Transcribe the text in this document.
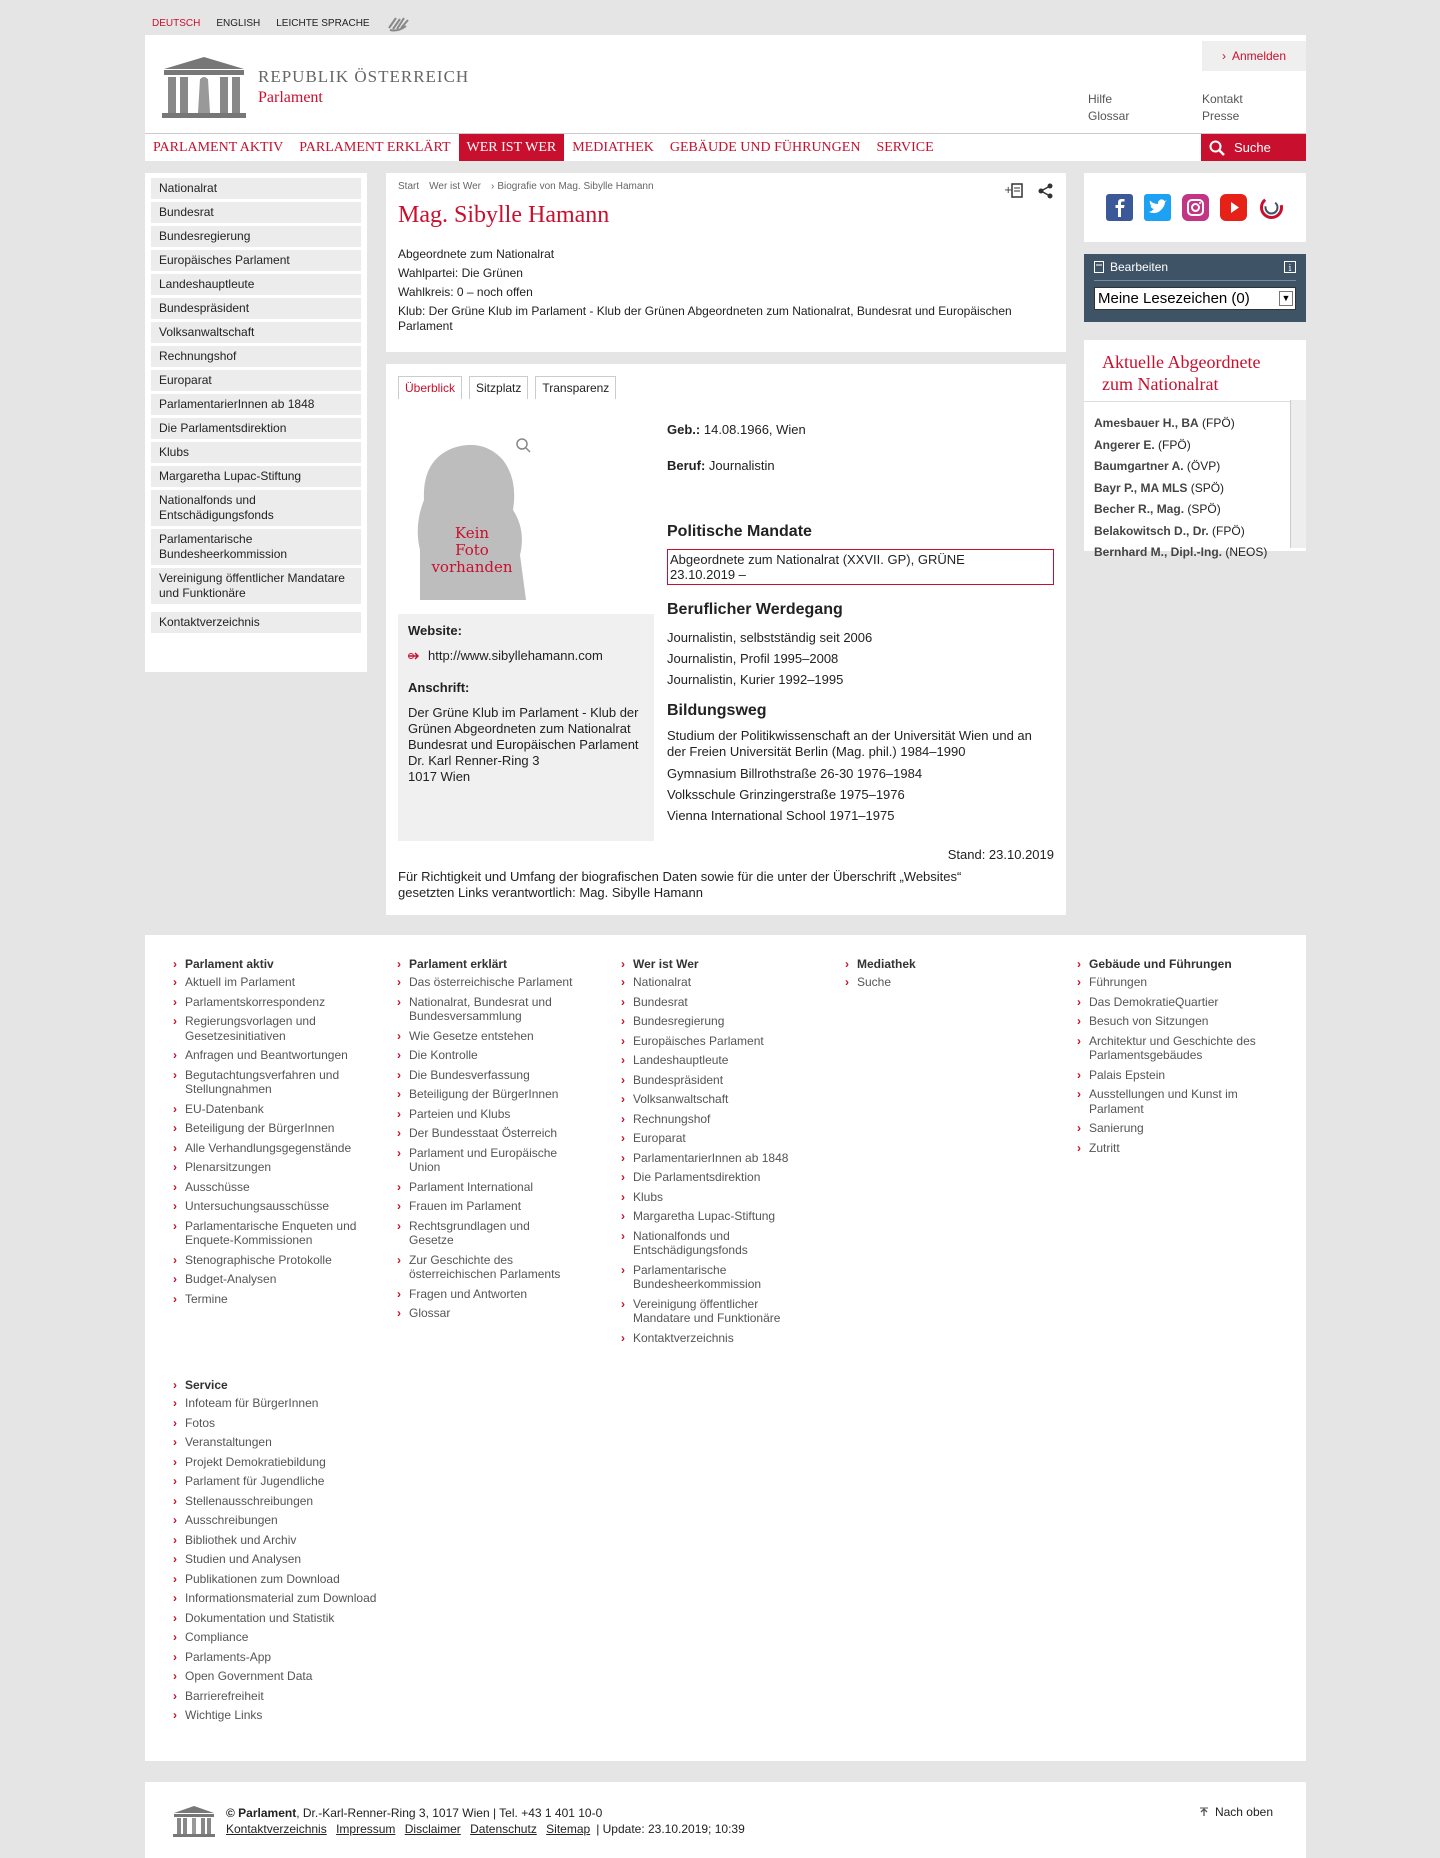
DEUTSCH ENGLISH LEICHTE SPRACHE
REPUBLIK ÖSTERREICH
Parlament
› Anmelden
Hilfe
Glossar
Kontakt
Presse
PARLAMENT AKTIV	PARLAMENT ERKLÄRT	WER IST WER	MEDIATHEK	GEBÄUDE UND FÜHRUNGEN	SERVICE	Suche
Nationalrat
Bundesrat
Bundesregierung
Europäisches Parlament
Landeshauptleute
Bundespräsident
Volksanwaltschaft
Rechnungshof
Europarat
ParlamentarierInnen ab 1848
Die Parlamentsdirektion
Klubs
Margaretha Lupac-Stiftung
Nationalfonds und Entschädigungsfonds
Parlamentarische Bundesheerkommission
Vereinigung öffentlicher Mandatare und Funktionäre
Kontaktverzeichnis
Start Wer ist Wer
›	Biografie von Mag. Sibylle Hamann	+
Mag. Sibylle Hamann
Abgeordnete zum Nationalrat
Wahlpartei: Die Grünen
Wahlkreis: 0 – noch offen
Klub: Der Grüne Klub im Parlament - Klub der Grünen Abgeordneten zum Nationalrat, Bundesrat und Europäischen Parlament
Überblick	Sitzplatz	Transparenz
Kein
Foto
vorhanden
Website:
http://www.sibyllehamann.com
Anschrift:
Der Grüne Klub im Parlament - Klub der Grünen Abgeordneten zum Nationalrat
Bundesrat und Europäischen Parlament
Dr. Karl Renner-Ring 3
1017 Wien
Geb.: 14.08.1966, Wien
Beruf: Journalistin
Politische Mandate
Abgeordnete zum Nationalrat (XXVII. GP), GRÜNE
23.10.2019 –
Beruflicher Werdegang
Journalistin, selbstständig seit 2006
Journalistin, Profil 1995–2008
Journalistin, Kurier 1992–1995
Bildungsweg
Studium der Politikwissenschaft an der Universität Wien und an der Freien Universität Berlin (Mag. phil.) 1984–1990
Gymnasium Billrothstraße 26-30 1976–1984
Volksschule Grinzingerstraße 1975–1976
Vienna International School 1971–1975
Stand: 23.10.2019
Für Richtigkeit und Umfang der biografischen Daten sowie für die unter der Überschrift „Websites“ gesetzten Links verantwortlich: Mag. Sibylle Hamann
Bearbeiten	i
Meine Lesezeichen (0)	▼
Aktuelle Abgeordnete zum Nationalrat
Amesbauer H., BA (FPÖ)
Angerer E. (FPÖ)
Baumgartner A. (ÖVP)
Bayr P., MA MLS (SPÖ)
Becher R., Mag. (SPÖ)
Belakowitsch D., Dr. (FPÖ)
Bernhard M., Dipl.-Ing. (NEOS)
› Parlament aktiv
› Aktuell im Parlament
› Parlamentskorrespondenz
› Regierungsvorlagen und Gesetzesinitiativen
› Anfragen und Beantwortungen
› Begutachtungsverfahren und Stellungnahmen
› EU-Datenbank
› Beteiligung der BürgerInnen
› Alle Verhandlungsgegenstände
› Plenarsitzungen
› Ausschüsse
› Untersuchungsausschüsse
› Parlamentarische Enqueten und Enquete-Kommissionen
› Stenographische Protokolle
› Budget-Analysen
› Termine
› Parlament erklärt
› Das österreichische Parlament
› Nationalrat, Bundesrat und Bundesversammlung
› Wie Gesetze entstehen
› Die Kontrolle
› Die Bundesverfassung
› Beteiligung der BürgerInnen
› Parteien und Klubs
› Der Bundesstaat Österreich
› Parlament und Europäische Union
› Parlament International
› Frauen im Parlament
› Rechtsgrundlagen und Gesetze
› Zur Geschichte des österreichischen Parlaments
› Fragen und Antworten
› Glossar
› Wer ist Wer
› Nationalrat
› Bundesrat
› Bundesregierung
› Europäisches Parlament
› Landeshauptleute
› Bundespräsident
› Volksanwaltschaft
› Rechnungshof
› Europarat
› ParlamentarierInnen ab 1848
› Die Parlamentsdirektion
› Klubs
› Margaretha Lupac-Stiftung
› Nationalfonds und Entschädigungsfonds
› Parlamentarische Bundesheerkommission
› Vereinigung öffentlicher Mandatare und Funktionäre
› Kontaktverzeichnis
› Mediathek
› Suche
› Gebäude und Führungen
› Führungen
› Das DemokratieQuartier
› Besuch von Sitzungen
› Architektur und Geschichte des Parlamentsgebäudes
› Palais Epstein
› Ausstellungen und Kunst im Parlament
› Sanierung
› Zutritt
› Service
› Infoteam für BürgerInnen
› Fotos
› Veranstaltungen
› Projekt Demokratiebildung
› Parlament für Jugendliche
› Stellenausschreibungen
› Ausschreibungen
› Bibliothek und Archiv
› Studien und Analysen
› Publikationen zum Download
› Informationsmaterial zum Download
› Dokumentation und Statistik
› Compliance
› Parlaments-App
› Open Government Data
› Barrierefreiheit
› Wichtige Links
© Parlament, Dr.-Karl-Renner-Ring 3, 1017 Wien | Tel. +43 1 401 10-0
Kontaktverzeichnis Impressum Disclaimer Datenschutz Sitemap | Update: 23.10.2019; 10:39
Nach oben
